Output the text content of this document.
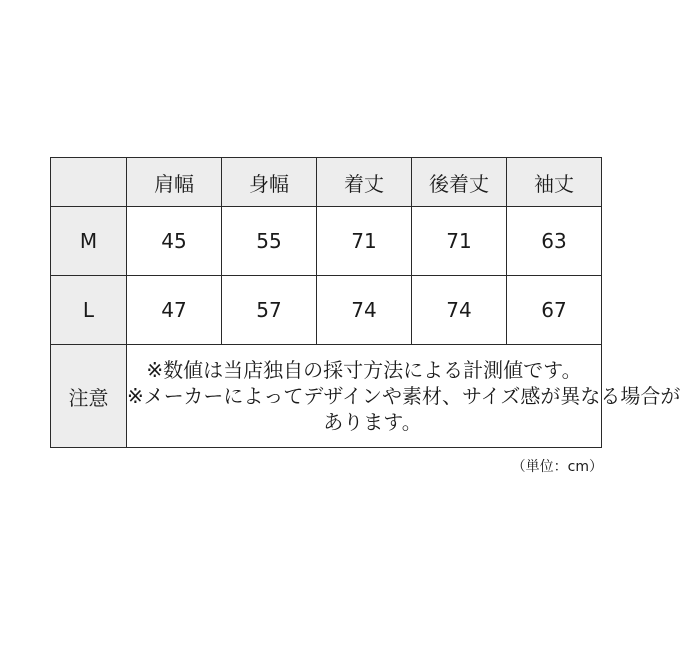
	肩幅	身幅	着丈	後着丈	袖丈
M	45	55	71	71	63
L	47	57	74	74	67
注意	※数値は当店独自の採寸方法による計測値です。
※メーカーによってデザインや素材、サイズ感が異なる場合が
あります。				
（単位：cm）
